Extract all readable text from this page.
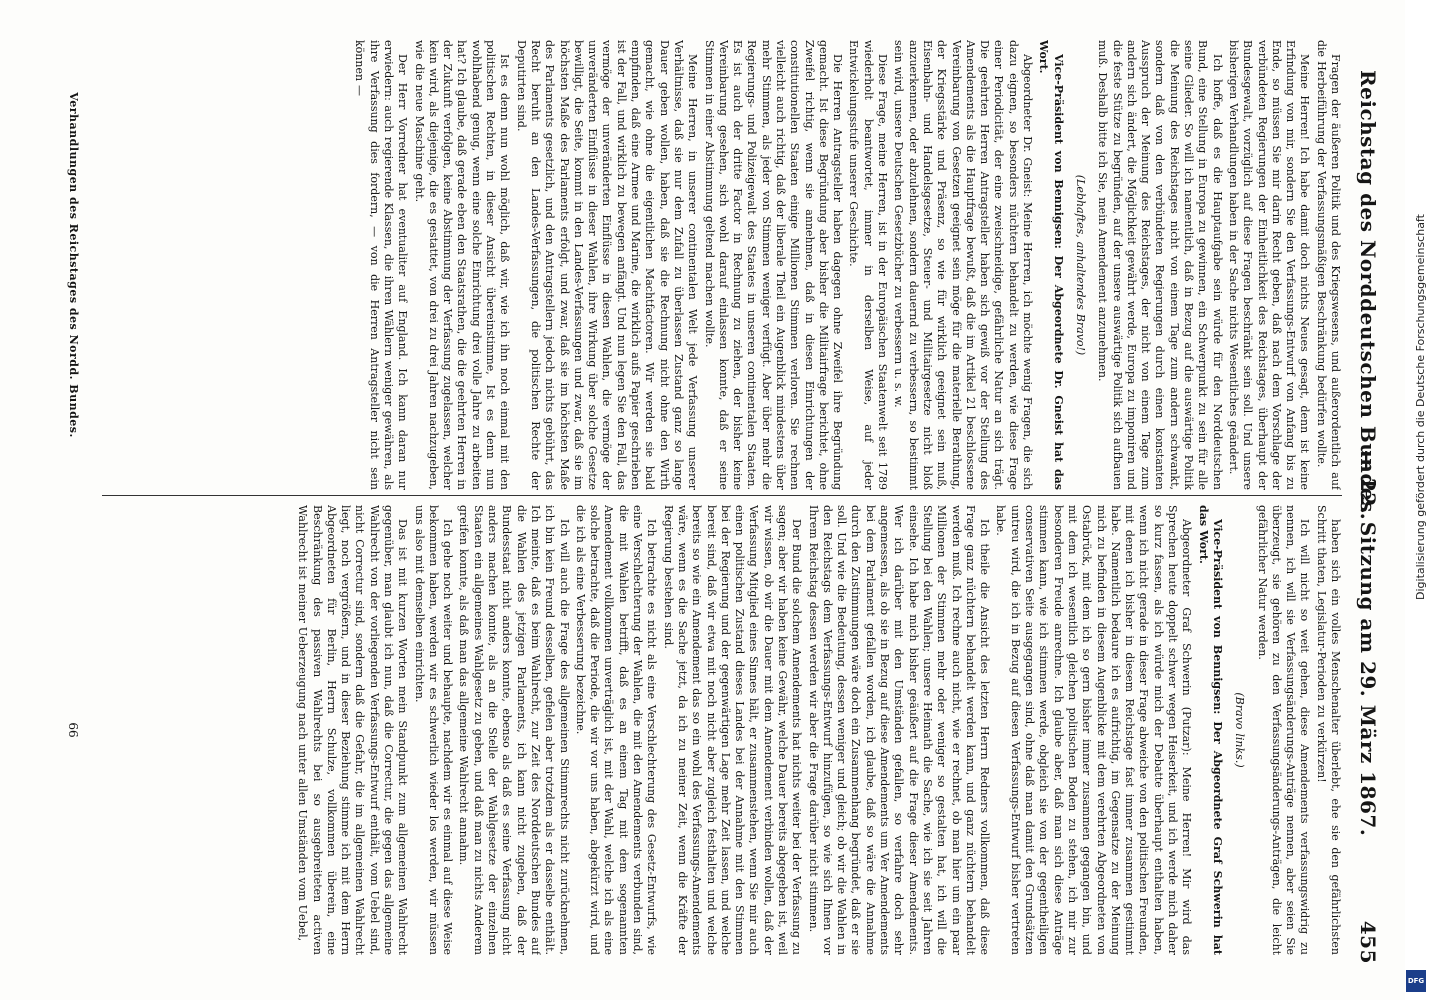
Reichstag des Norddeutschen Bundes.
— 22. Sitzung am 29. März 1867.
455

Fragen der äußeren Politik und des Kriegswesens, und außerordentlich auf die Herbeiführung der Verfassungsmäßigen Beschränkung bedürfen wollte.

Meine Herren! Ich habe damit doch nichts Neues gesagt, denn ist keine Erfindung von mir, sondern Sie den Verfassungs-Entwurf von Anfang bis zu Ende, so müssen Sie mir darin Recht geben, daß nach dem Vorschlage der verbündeten Regierungen der Einheitlichkeit des Reichstages, überhaupt der Bundesgewalt, vorzüglich auf diese Fragen beschränkt sein soll. Und unsere bisherigen Verhandlungen haben in der Sache nichts Wesentliches geändert.

Ich hoffe, daß es die Hauptaufgabe sein würde für den Norddeutschen Bund, eine Stellung in Europa zu gewinnen, ein Schwerpunkt zu sein für alle seine Glieder. So will ich namentlich, daß in Bezug auf die auswärtige Politik die Meinung des Reichstages nicht von einem Tage zum andern schwankt, sondern daß von den verbündeten Regierungen durch einen konstanten Ausspruch der Meinung des Reichstages, der nicht von einem Tage zum andern sich ändert, die Möglichkeit gewährt werde, Europa zu imponiren und die feste Stütze zu begründen, auf der unsere auswärtige Politik sich aufbauen muß. Deshalb bitte ich Sie, mein Amendement anzunehmen.

(Lebhaftes, anhaltendes Bravo!)

Vice-Präsident von Bennigsen: Der Abgeordnete Dr. Gneist hat das Wort.

Abgeordneter Dr. Gneist: Meine Herren, ich möchte wenig Fragen, die sich dazu eignen, so besonders nüchtern behandelt zu werden, wie diese Frage einer Periodicität, der eine zweischneidige, gefährliche Natur an sich trägt. Die geehrten Herren Antragsteller haben sich gewiß vor der Stellung des Amendements als die Hauptfrage bewußt, daß die im Artikel 21 beschlossene Vereinbarung von Gesetzen geeignet sein möge für die materielle Berathung, der Kriegsstärke und Präsenz, so wie für wirklich geeignet sein muß, Eisenbahn- und Handelsgesetze, Steuer- und Militairgesetze nicht bloß anzuerkennen, oder abzulehnen, sondern dauernd zu verbessern, so bestimmt sein wird, unsere Deutschen Gesetzbücher zu verbessern u. s. w.

Diese Frage, meine Herren, ist in der Europäischen Staatenwelt seit 1789 wiederholt beantwortet, immer in derselben Weise, auf jeder Entwickelungsstufe unserer Geschichte.

Die Herren Antragsteller haben dagegen ohne Zweifel ihre Begründung gemacht. Ist diese Begründung aber bisher die Militairfrage berichtet, ohne Zweifel richtig, wenn sie annehmen, daß in diesen Einrichtungen der constitutionellen Staaten einige Millionen Stimmen verloren. Sie rechnen vielleicht auch richtig, daß der liberale Theil ein Augenblick mindestens über mehr Stimmen, als jeder von Stimmen weniger verfügt. Aber über mehr die Regierungs- und Polizeigewalt des Staates in unseren continentalen Staaten. Es ist auch der dritte Factor in Rechnung zu ziehen, der bisher keine Vereinbarung gesehen, sich wohl darauf einlassen konnte, daß er seine Stimmen in einer Abstimmung geltend machen wollte.

Meine Herren, in unserer continentalen Welt jede Verfassung unserer Verhältnisse, daß sie nur dem Zufall zu überlassen Zustand ganz so lange Dauer geben wollen, haben, daß sie die Rechnung nicht ohne den Wirth gemacht, wie ohne die eigentlichen Machtfactoren. Wir werden sie bald empfinden, daß eine Armee und Marine, die wirklich aufs Papier geschrieben ist der Fall, und wirklich zu bewegen anfängt. Und nun legen Sie den Fall, das vermöge der unveränderten Einflüsse in diesen Wahlen, die vermöge der unveränderten Einflüsse in dieser Wahlen, ihre Wirkung über solche Gesetze bewilligt, die Seite, kommt in den Landes-Verfassungen und zwar, daß sie im höchsten Maße des Parlaments erfolgt, und zwar, daß sie im höchsten Maße des Parlaments gesetzlich, und den Antragstellern jedoch nichts gebührt, das Recht beruht an den Landes-Verfassungen, die politischen Rechte der Deputirten sind.

Ist es denn nun wohl möglich, daß wir, wie ich ihn noch einmal mit den politischen Rechten, in dieser Ansicht übereinstimme, Ist es denn nun wohlhabend genug, wenn eine solche Einrichtung drei volle Jahre zu arbeiten hat? Ich glaube, daß gerade eben den Staatsrathen, die die geehrten Herren in der Zukunft verfolgen, keine Abstimmung der Verfassung zugelassen, welcher kein wird, als diejenige, die es gestattet, von drei zu drei Jahren nachzugeben, wie die neue Maschine geht.

Der Herr Vorredner hat eventualiter auf England. Ich kann daran nur erwiedern: auch regierende Klassen, die ihren Wählern weniger gewähren, als ihre Verfassung dies fordern, — von die Herren Antragsteller nicht sein können —

haben sich ein volles Menschenalter überlebt, ehe sie den gefährlichsten Schritt thaten, Legislatur-Perioden zu verkürzen!

Ich will nicht so weit gehen, diese Amendements verfassungswidrig zu nennen, ich will sie Verfassungsänderungs-Anträge nennen, aber seien Sie überzeugt, sie gehören zu den Verfassungsänderungs-Anträgen, die leicht gefährlicher Natur werden.

(Bravo links.)

Vice-Präsident von Bennigsen: Der Abgeordnete Graf Schwerin hat das Wort.

Abgeordneter Graf Schwerin (Putzar): Meine Herren! Mir wird das Sprechen heute doppelt schwer wegen Heiserkeit, und ich werde mich daher so kurz fassen, als ich würde mich der Debatte überhaupt enthalten haben, wenn ich nicht gerade in dieser Frage abweiche von den politischen Freunden, mit denen ich bisher in diesem Reichstage fast immer zusammen gestimmt habe. Namentlich bedaure ich es aufrichtig, im Gegensatze zu der Meinung mich zu befinden in diesem Augenblicke mit dem verehrten Abgeordneten von Ostabrück, mit dem ich so gern bisher immer zusammen gegangen bin, und mit dem ich wesentlich gleichen politischen Boden zu stehen, ich mir zur besonderen Freude anrechne. Ich glaube aber, daß man sich diese Anträge stimmen kann, wie ich stimmen werde, obgleich sie von der gegentheiligen conservativen Seite ausgegangen sind, ohne daß man damit den Grundsätzen untreu wird, die ich in Bezug auf diesen Verfassungs-Entwurf bisher vertreten habe.

Ich theile die Ansicht des letzten Herrn Redners vollkommen, daß diese Frage ganz nüchtern behandelt werden kann, und ganz nüchtern behandelt werden muß. Ich rechne auch nicht, wie er rechnet, ob man hier um ein paar Millionen der Stimmen mehr oder weniger so gestalten hat, ich will die Stellung bei den Wahlen; unsere Heimath die Sache, wie ich sie seit Jahren einsehe. Ich habe mich bisher geäußert auf die Frage dieser Amendements. Wer ich darüber mit den Umständen gefallen, so verfahre doch sehr angemessen, als ob sie in Bezug auf diese Amendements um Ver Amendements bei dem Parlament gefallen worden, ich glaube, daß so wäre die Annahme durch den Zustimmungen wäre doch ein Zusammenhang begründet, daß er sie soll. Und wie die Bedeutung, dessen weniger und gleich; ob wir die Wahlen in den Reichstags dem Verfassungs-Entwurf hinzufügen, so wie sich Ihnen vor Ihrem Reichstag dessen werden wir aber die Frage darüber nicht stimmen.

Der Bund die solchem Amendements hat nichts weiter bei der Verfassung zu sagen; aber wir haben keine Gewähr, welche Dauer bereits abgegeben ist, weil wir wissen, ob wir die Dauer mit dem Amendement verbinden wollen, daß der Verfassung Mitglied eines Sinnes hält, er zusammenstehen, wenn Sie mir auch einen politischen Zustand dieses Landes bei der Annahme mit den Stimmen bei der Regierung und der gegenwärtigen Lage mehr Zeit lassen, und welche bereit sind, daß wir etwa mit noch nicht aber zugleich festhalten und welche bereits so wie ein Amendement das so ein wohl des Verfassungs-Amendements wäre, wenn es die Sache jetzt, da ich zu meiner Zeit, wenn die Kräfte der Regierung bestehen sind.

Ich betrachte es nicht als eine Verschlechterung des Gesetz-Entwurfs, wie eine Verschlechterung der Wahlen, die mit den Amendements verbunden sind, die mit Wahlen betrifft, daß es an einem Tag mit dem sogenannten Amendement vollkommen unverträglich ist, mit der Wahl, welche ich als eine solche betrachte, daß die Periode, die wir vor uns haben, abgekürzt wird, und die ich als eine Verbesserung bezeichne.

Ich will auch die Frage des allgemeinen Stimmrechts nicht zurücknehmen, ich bin kein Freund desselben, gefielen aber trotzdem als er dasselbe enthält. Ich meinte, daß es beim Wahlrecht, zur Zeit des Norddeutschen Bundes auf die Wahlen des jetzigen Parlaments, ich kann nicht zugeben, daß der Bundesstaat nicht anders konnte, ebenso als daß es seine Verfassung nicht anders machen konnte, als an die Stelle der Wahlgesetze der einzelnen Staaten ein allgemeines Wahlgesetz zu geben, und daß man zu nichts Anderem greifen konnte, als daß man das allgemeine Wahlrecht annahm.

Ich gehe noch weiter und behaupte, nachdem wir es einmal auf diese Weise bekommen haben, werden wir es schwerlich wieder los werden, wir müssen uns also mit demselben einrichten.

Das ist mit kurzen Worten mein Standpunkt zum allgemeinen Wahlrecht gegenüber, man glaubt ich nun, daß die Correctur, die gegen das allgemeine Wahlrecht von der vorliegenden Verfassungs-Entwurf enthält, vom Uebel sind, nicht Correctur sind, sondern daß die Gefahr, die im allgemeinen Wahlrecht liegt, noch vergrößern, und in dieser Beziehung stimme ich mit dem Herrn Abgeordneten für Berlin, Herrn Schulze, vollkommen überein, eine Beschränkung des passiven Wahlrechts bei so ausgebreiteten activen Wahlrecht ist meiner Ueberzeugung nach unter allen Umständen vom Uebel,

Verhandlungen des Reichstages des Nordd. Bundes.
66
Digitalisierung gefördert durch die Deutsche Forschungsgemeinschaft
DFG
